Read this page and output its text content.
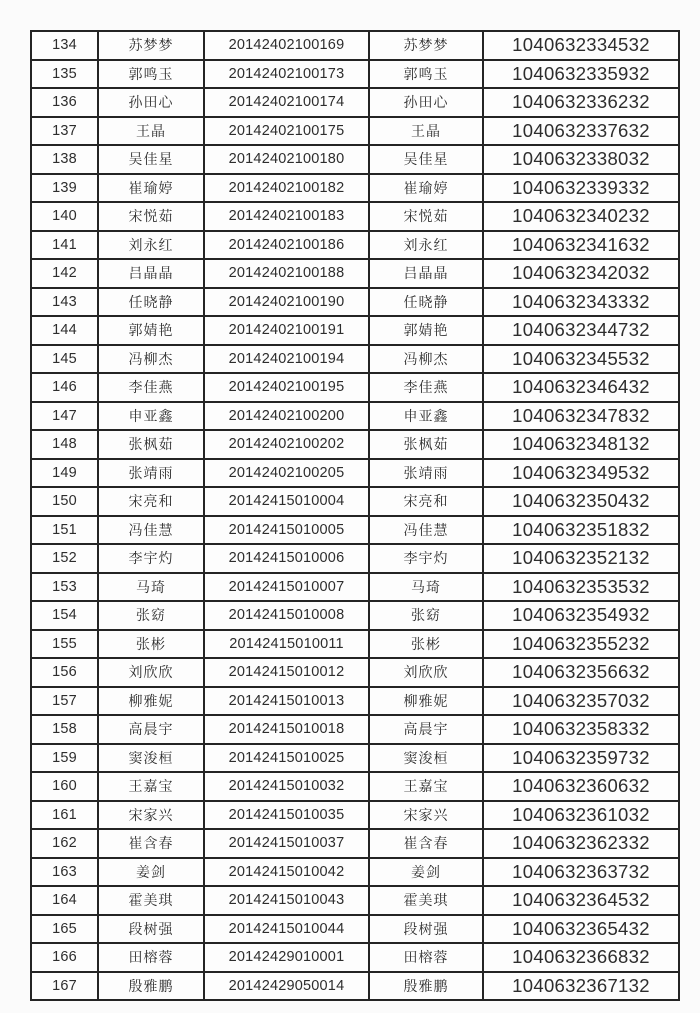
134	苏梦梦	20142402100169	苏梦梦	1040632334532
135	郭鸣玉	20142402100173	郭鸣玉	1040632335932
136	孙田心	20142402100174	孙田心	1040632336232
137	王晶	20142402100175	王晶	1040632337632
138	吴佳星	20142402100180	吴佳星	1040632338032
139	崔瑜婷	20142402100182	崔瑜婷	1040632339332
140	宋悦茹	20142402100183	宋悦茹	1040632340232
141	刘永红	20142402100186	刘永红	1040632341632
142	吕晶晶	20142402100188	吕晶晶	1040632342032
143	任晓静	20142402100190	任晓静	1040632343332
144	郭婧艳	20142402100191	郭婧艳	1040632344732
145	冯柳杰	20142402100194	冯柳杰	1040632345532
146	李佳燕	20142402100195	李佳燕	1040632346432
147	申亚鑫	20142402100200	申亚鑫	1040632347832
148	张枫茹	20142402100202	张枫茹	1040632348132
149	张靖雨	20142402100205	张靖雨	1040632349532
150	宋亮和	20142415010004	宋亮和	1040632350432
151	冯佳慧	20142415010005	冯佳慧	1040632351832
152	李宇灼	20142415010006	李宇灼	1040632352132
153	马琦	20142415010007	马琦	1040632353532
154	张窈	20142415010008	张窈	1040632354932
155	张彬	20142415010011	张彬	1040632355232
156	刘欣欣	20142415010012	刘欣欣	1040632356632
157	柳雅妮	20142415010013	柳雅妮	1040632357032
158	高晨宇	20142415010018	高晨宇	1040632358332
159	窦浚桓	20142415010025	窦浚桓	1040632359732
160	王嘉宝	20142415010032	王嘉宝	1040632360632
161	宋家兴	20142415010035	宋家兴	1040632361032
162	崔含春	20142415010037	崔含春	1040632362332
163	姜剑	20142415010042	姜剑	1040632363732
164	霍美琪	20142415010043	霍美琪	1040632364532
165	段树强	20142415010044	段树强	1040632365432
166	田榕蓉	20142429010001	田榕蓉	1040632366832
167	殷雅鹏	20142429050014	殷雅鹏	1040632367132
